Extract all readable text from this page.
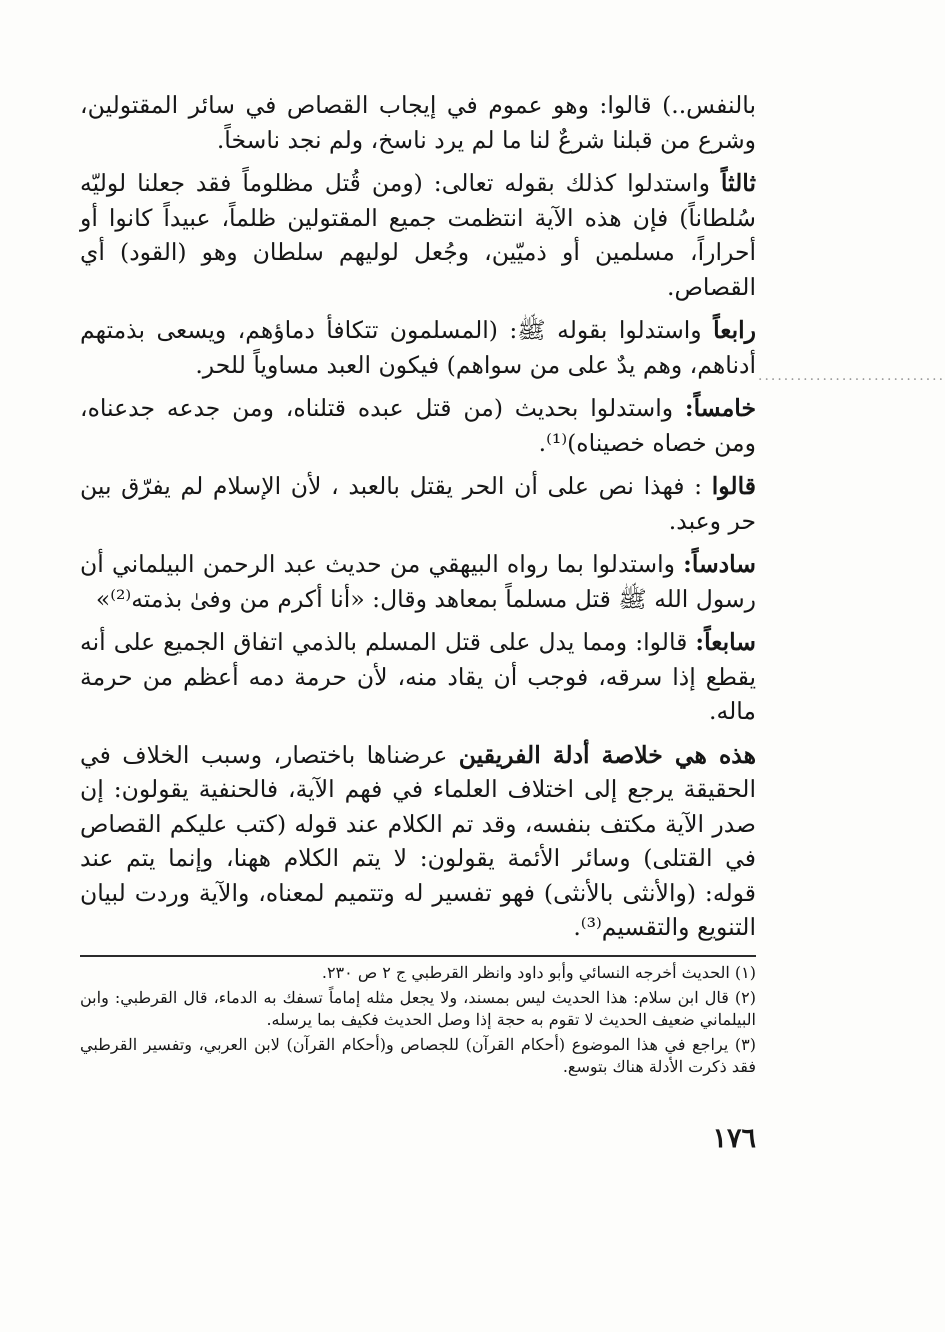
بالنفس..) قالوا: وهو عموم في إيجاب القصاص في سائر المقتولين، وشرع من قبلنا شرعٌ لنا ما لم يرد ناسخ، ولم نجد ناسخاً.

ثالثاً واستدلوا كذلك بقوله تعالى: (ومن قُتل مظلوماً فقد جعلنا لوليّه سُلطاناً) فإن هذه الآية انتظمت جميع المقتولين ظلماً، عبيداً كانوا أو أحراراً، مسلمين أو ذميّين، وجُعل لوليهم سلطان وهو (القود) أي القصاص.

رابعاً واستدلوا بقوله ﷺ: (المسلمون تتكافأ دماؤهم، ويسعى بذمتهم أدناهم، وهم يدٌ على من سواهم) فيكون العبد مساوياً للحر.

خامساً: واستدلوا بحديث (من قتل عبده قتلناه، ومن جدعه جدعناه، ومن خصاه خصيناه)⁽¹⁾.

قالوا : فهذا نص على أن الحر يقتل بالعبد ، لأن الإسلام لم يفرّق بين حر وعبد.

سادساً: واستدلوا بما رواه البيهقي من حديث عبد الرحمن البيلماني أن رسول الله ﷺ قتل مسلماً بمعاهد وقال: «أنا أكرم من وفىٰ بذمته⁽²⁾»

سابعاً: قالوا: ومما يدل على قتل المسلم بالذمي اتفاق الجميع على أنه يقطع إذا سرقه، فوجب أن يقاد منه، لأن حرمة دمه أعظم من حرمة ماله.

هذه هي خلاصة أدلة الفريقين عرضناها باختصار، وسبب الخلاف في الحقيقة يرجع إلى اختلاف العلماء في فهم الآية، فالحنفية يقولون: إن صدر الآية مكتف بنفسه، وقد تم الكلام عند قوله (كتب عليكم القصاص في القتلى) وسائر الأئمة يقولون: لا يتم الكلام ههنا، وإنما يتم عند قوله: (والأنثى بالأنثى) فهو تفسير له وتتميم لمعناه، والآية وردت لبيان التنويع والتقسيم⁽³⁾.

·····························

(١) الحديث أخرجه النسائي وأبو داود وانظر القرطبي ج ٢ ص ٢٣٠.

(٢) قال ابن سلام: هذا الحديث ليس بمسند، ولا يجعل مثله إماماً تسفك به الدماء، قال القرطبي: وابن البيلماني ضعيف الحديث لا تقوم به حجة إذا وصل الحديث فكيف بما يرسله.

(٣) يراجع في هذا الموضوع (أحكام القرآن) للجصاص و(أحكام القرآن) لابن العربي، وتفسير القرطبي فقد ذكرت الأدلة هناك بتوسع.

١٧٦
